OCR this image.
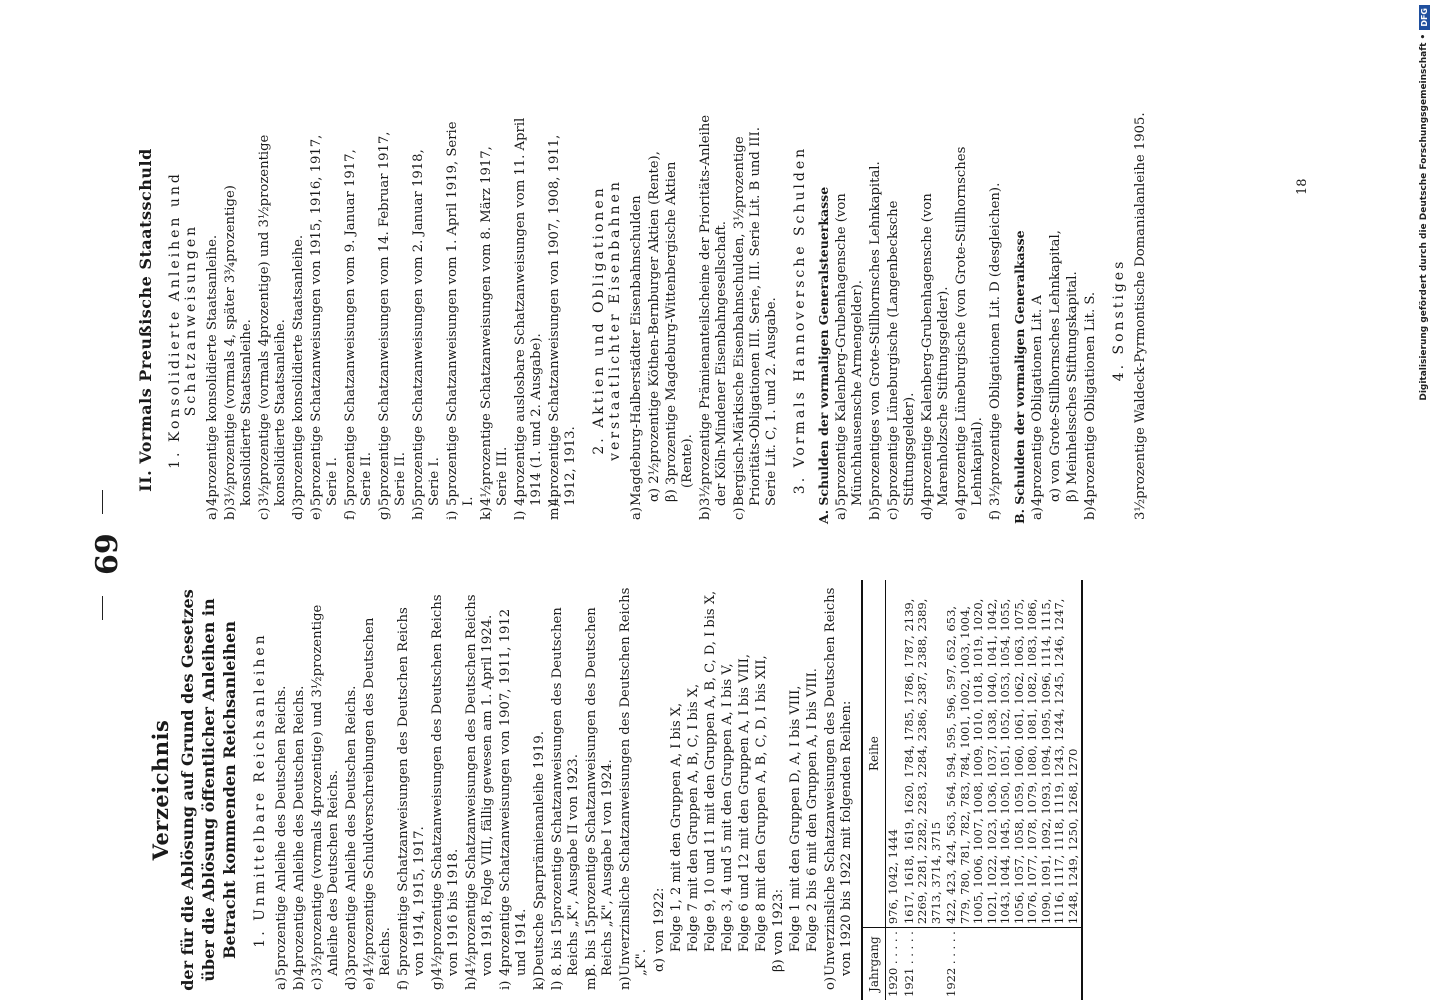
69

Verzeichnis der für die Ablösung auf Grund des Gesetzes über die Ablösung öffentlicher Anleihen in Betracht kommenden Reichsanleihen 1. Unmittelbare Reichsanleihen

a)5prozentige Anleihe des Deutschen Reichs.
b)4prozentige Anleihe des Deutschen Reichs.
c)3½prozentige (vormals 4prozentige) und 3½prozentige Anleihe des Deutschen Reichs.
d)3prozentige Anleihe des Deutschen Reichs.
e)4½prozentige Schuldverschreibungen des Deutschen Reichs.
f)5prozentige Schatzanweisungen des Deutschen Reichs von 1914, 1915, 1917.
g)4½prozentige Schatzanweisungen des Deutschen Reichs von 1916 bis 1918.
h)4½prozentige Schatzanweisungen des Deutschen Reichs von 1918, Folge VIII, fällig gewesen am 1. April 1924.
i)4prozentige Schatzanweisungen von 1907, 1911, 1912 und 1914.
k)Deutsche Sparprämienanleihe 1919.
l)8. bis 15prozentige Schatzanweisungen des Deutschen Reichs „K", Ausgabe II von 1923.
m)8. bis 15prozentige Schatzanweisungen des Deutschen Reichs „K", Ausgabe I von 1924.
n)Unverzinsliche Schatzanweisungen des Deutschen Reichs „K". α) von 1922: Folge 1, 2 mit den Gruppen A, I bis X, Folge 7 mit den Gruppen A, B, C, I bis X, Folge 9, 10 und 11 mit den Gruppen A, B, C, D, I bis X, Folge 3, 4 und 5 mit den Gruppen A, I bis V, Folge 6 und 12 mit den Gruppen A, I bis VIII, Folge 8 mit den Gruppen A, B, C, D, I bis XII, β) von 1923: Folge 1 mit den Gruppen D, A, I bis VIII, Folge 2 bis 6 mit den Gruppen A, I bis VIII.
o)Unverzinsliche Schatzanweisungen des Deutschen Reichs von 1920 bis 1922 mit folgenden Reihen: Jahrgang	Reihe
1920 . . . . .	976, 1042, 1444
1921 . . . . .	1617, 1618, 1619, 1620, 1784, 1785, 1786, 1787, 2139, 2269, 2281, 2282, 2283, 2284, 2386, 2387, 2388, 2389, 3713, 3714, 3715
1922 . . . . .	422, 423, 424, 563, 564, 594, 595, 596, 597, 652, 653, 779, 780, 781, 782, 783, 784, 1001, 1002, 1003, 1004, 1005, 1006, 1007, 1008, 1009, 1010, 1018, 1019, 1020, 1021, 1022, 1023, 1036, 1037, 1038, 1040, 1041, 1042, 1043, 1044, 1045, 1050, 1051, 1052, 1053, 1054, 1055, 1056, 1057, 1058, 1059, 1060, 1061, 1062, 1063, 1075, 1076, 1077, 1078, 1079, 1080, 1081, 1082, 1083, 1086, 1090, 1091, 1092, 1093, 1094, 1095, 1096, 1114, 1115, 1116, 1117, 1118, 1119, 1243, 1244, 1245, 1246, 1247, 1248, 1249, 1250, 1268, 1270

II. Vormals Preußische Staatsschuld 1. Konsolidierte Anleihen und Schatzanweisungen

a)4prozentige konsolidierte Staatsanleihe.
b)3½prozentige (vormals 4, später 3¾prozentige) konsolidierte Staatsanleihe.
c)3½prozentige (vormals 4prozentige) und 3½prozentige konsolidierte Staatsanleihe.
d)3prozentige konsolidierte Staatsanleihe.
e)5prozentige Schatzanweisungen von 1915, 1916, 1917, Serie I.
f)5prozentige Schatzanweisungen vom 9. Januar 1917, Serie II.
g)5prozentige Schatzanweisungen vom 14. Februar 1917, Serie II.
h)5prozentige Schatzanweisungen vom 2. Januar 1918, Serie I.
i)5prozentige Schatzanweisungen vom 1. April 1919, Serie I.
k)4½prozentige Schatzanweisungen vom 8. März 1917, Serie III.
l)4prozentige auslosbare Schatzanweisungen vom 11. April 1914 (1. und 2. Ausgabe).
m)4prozentige Schatzanweisungen von 1907, 1908, 1911, 1912, 1913.

2. Aktien und Obligationen verstaatlichter Eisenbahnen

a)Magdeburg-Halberstädter Eisenbahnschulden α) 2½prozentige Köthen-Bernburger Aktien (Rente), β) 3prozentige Magdeburg-Wittenbergische Aktien (Rente).
b)3½prozentige Prämienanteilscheine der Prioritäts-Anleihe der Köln-Mindener Eisenbahngesellschaft.
c)Bergisch-Märkische Eisenbahnschulden, 3½prozentige Prioritäts-Obligationen III. Serie, III. Serie Lit. B und III. Serie Lit. C, 1. und 2. Ausgabe. 3. Vormals Hannoversche Schulden A. Schulden der vormaligen Generalsteuerkasse a)5prozentige Kalenberg-Grubenhagensche (von Münchhausensche Armengelder).
b)5prozentiges von Grote-Stillhornsches Lehnkapital.
c)5prozentige Lüneburgische (Langenbecksche Stiftungsgelder).
d)4prozentige Kalenberg-Grubenhagensche (von Marenholzsche Stiftungsgelder).
e)4prozentige Lüneburgische (von Grote-Stillhornsches Lehnkapital).
f)3½prozentige Obligationen Lit. D (desgleichen). B. Schulden der vormaligen Generalkasse a)4prozentige Obligationen Lit. A α) von Grote-Stillhornsches Lehnkapital, β) Meinhelssches Stiftungskapital.
b)4prozentige Obligationen Lit. S. 4. Sonstiges 3½prozentige Waldeck-Pyrmontische Domanialanleihe 1905.	18	Digitalisierung gefördert durch die Deutsche Forschungsgemeinschaft •
DFG
